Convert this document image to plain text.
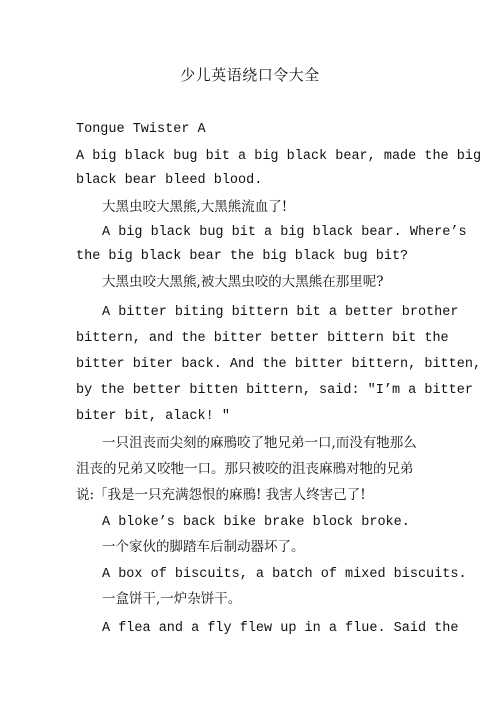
少儿英语绕口令大全
Tongue Twister A
A big black bug bit a big black bear, made the big
black bear bleed blood.
大黑虫咬大黑熊,大黑熊流血了!
A big black bug bit a big black bear. Where’s
the big black bear the big black bug bit?
大黑虫咬大黑熊,被大黑虫咬的大黑熊在那里呢?
A bitter biting bittern bit a better brother
bittern, and the bitter better bittern bit the
bitter biter back. And the bitter bittern, bitten,
by the better bitten bittern, said: "I’m a bitter
biter bit, alack! "
一只沮丧而尖刻的麻鳽咬了牠兄弟一口,而没有牠那么
沮丧的兄弟又咬牠一口。那只被咬的沮丧麻鳽对牠的兄弟
说:「我是一只充满怨恨的麻鳽! 我害人终害己了!
A bloke’s back bike brake block broke.
一个家伙的脚踏车后制动器坏了。
A box of biscuits, a batch of mixed biscuits.
一盒饼干,一炉杂饼干。
A flea and a fly flew up in a flue. Said the
